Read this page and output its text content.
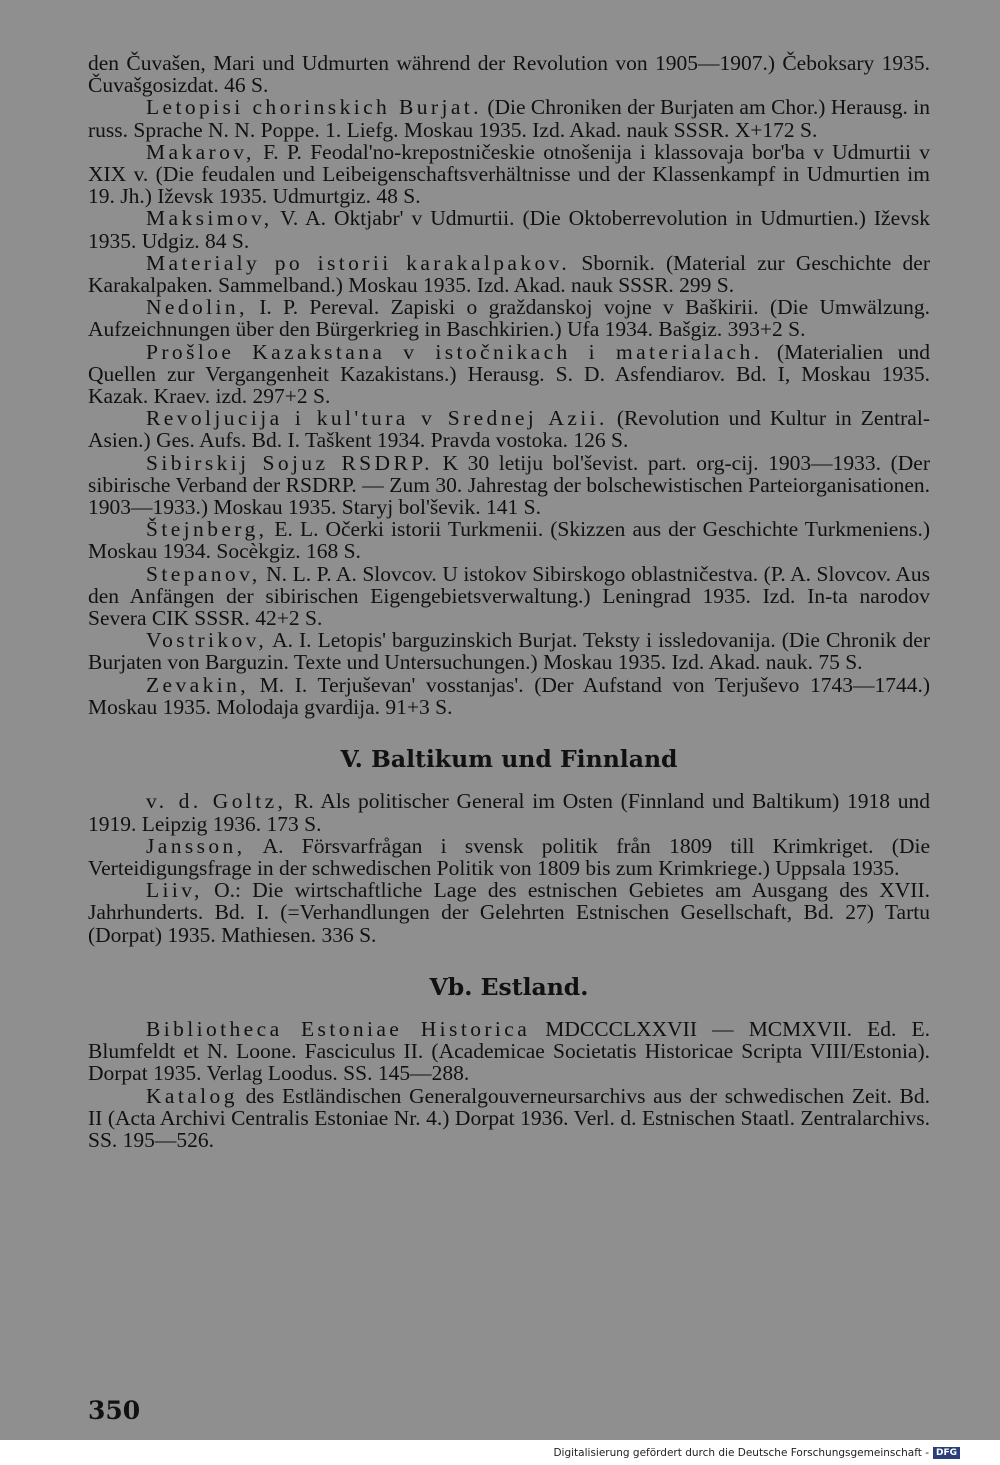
den Čuvašen, Mari und Udmurten während der Revolution von 1905—1907.) Čeboksary 1935. Čuvašgosizdat. 46 S.

Letopisi chorinskich Burjat. (Die Chroniken der Burjaten am Chor.) Herausg. in russ. Sprache N. N. Poppe. 1. Liefg. Moskau 1935. Izd. Akad. nauk SSSR. X+172 S.

Makarov, F. P. Feodal'no-krepostničeskie otnošenija i klassovaja bor'ba v Udmurtii v XIX v. (Die feudalen und Leibeigenschaftsverhältnisse und der Klassenkampf in Udmurtien im 19. Jh.) Iževsk 1935. Udmurtgiz. 48 S.

Maksimov, V. A. Oktjabr' v Udmurtii. (Die Oktoberrevolution in Udmurtien.) Iževsk 1935. Udgiz. 84 S.

Materialy po istorii karakalpakov. Sbornik. (Material zur Geschichte der Karakalpaken. Sammelband.) Moskau 1935. Izd. Akad. nauk SSSR. 299 S.

Nedolin, I. P. Pereval. Zapiski o graždanskoj vojne v Baškirii. (Die Umwälzung. Aufzeichnungen über den Bürgerkrieg in Baschkirien.) Ufa 1934. Bašgiz. 393+2 S.

Prošloe Kazakstana v istočnikach i materialach. (Materialien und Quellen zur Vergangenheit Kazakistans.) Herausg. S. D. Asfendiarov. Bd. I, Moskau 1935. Kazak. Kraev. izd. 297+2 S.

Revoljucija i kul'tura v Srednej Azii. (Revolution und Kultur in Zentral-Asien.) Ges. Aufs. Bd. I. Taškent 1934. Pravda vostoka. 126 S.

Sibirskij Sojuz RSDRP. K 30 letiju bol'ševist. part. org-cij. 1903—1933. (Der sibirische Verband der RSDRP. — Zum 30. Jahrestag der bolschewistischen Parteiorganisationen. 1903—1933.) Moskau 1935. Staryj bol'ševik. 141 S.

Štejnberg, E. L. Očerki istorii Turkmenii. (Skizzen aus der Geschichte Turkmeniens.) Moskau 1934. Socèkgiz. 168 S.

Stepanov, N. L. P. A. Slovcov. U istokov Sibirskogo oblastničestva. (P. A. Slovcov. Aus den Anfängen der sibirischen Eigengebietsverwaltung.) Leningrad 1935. Izd. In-ta narodov Severa CIK SSSR. 42+2 S.

Vostrikov, A. I. Letopis' barguzinskich Burjat. Teksty i issledovanija. (Die Chronik der Burjaten von Barguzin. Texte und Untersuchungen.) Moskau 1935. Izd. Akad. nauk. 75 S.

Zevakin, M. I. Terjuševan' vosstanjas'. (Der Aufstand von Terjuševo 1743—1744.) Moskau 1935. Molodaja gvardija. 91+3 S.

V. Baltikum und Finnland

v. d. Goltz, R. Als politischer General im Osten (Finnland und Baltikum) 1918 und 1919. Leipzig 1936. 173 S.

Jansson, A. Försvarfrågan i svensk politik från 1809 till Krimkriget. (Die Verteidigungsfrage in der schwedischen Politik von 1809 bis zum Krimkriege.) Uppsala 1935.

Liiv, O.: Die wirtschaftliche Lage des estnischen Gebietes am Ausgang des XVII. Jahrhunderts. Bd. I. (=Verhandlungen der Gelehrten Estnischen Gesellschaft, Bd. 27) Tartu (Dorpat) 1935. Mathiesen. 336 S.

Vb. Estland.

Bibliotheca Estoniae Historica MDCCCLXXVII — MCMXVII. Ed. E. Blumfeldt et N. Loone. Fasciculus II. (Academicae Societatis Historicae Scripta VIII/Estonia). Dorpat 1935. Verlag Loodus. SS. 145—288.

Katalog des Estländischen Generalgouverneursarchivs aus der schwedischen Zeit. Bd. II (Acta Archivi Centralis Estoniae Nr. 4.) Dorpat 1936. Verl. d. Estnischen Staatl. Zentralarchivs. SS. 195—526.

350
Digitalisierung gefördert durch die Deutsche Forschungsgemeinschaft - DFG
